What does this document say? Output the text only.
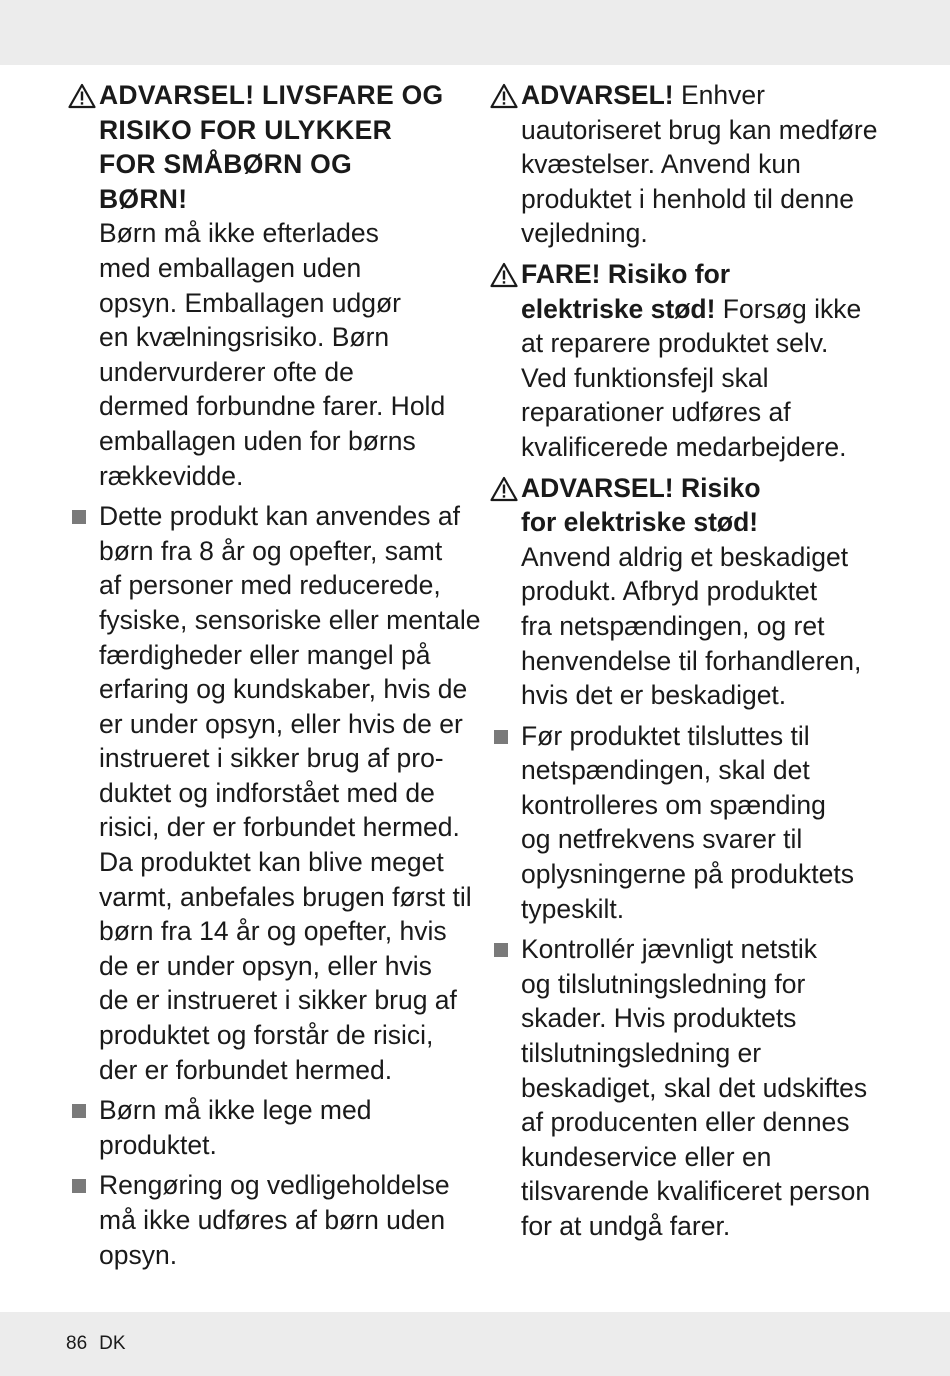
ADVARSEL! LIVSFARE OG
RISIKO FOR ULYKKER
FOR SMÅBØRN OG
BØRN!
Børn må ikke efterlades
med emballagen uden
opsyn. Emballagen udgør
en kvælningsrisiko. Børn
undervurderer ofte de
dermed forbundne farer. Hold
emballagen uden for børns
rækkevidde.
Dette produkt kan anvendes af
børn fra 8 år og opefter, samt
af personer med reducerede,
fysiske, sensoriske eller mentale
færdigheder eller mangel på
erfaring og kundskaber, hvis de
er under opsyn, eller hvis de er
instrueret i sikker brug af pro-
duktet og indforstået med de
risici, der er forbundet hermed.
Da produktet kan blive meget
varmt, anbefales brugen først til
børn fra 14 år og opefter, hvis
de er under opsyn, eller hvis
de er instrueret i sikker brug af
produktet og forstår de risici,
der er forbundet hermed.
Børn må ikke lege med
produktet.
Rengøring og vedligeholdelse
må ikke udføres af børn uden
opsyn.
ADVARSEL! Enhver
uautoriseret brug kan medføre
kvæstelser. Anvend kun
produktet i henhold til denne
vejledning.
FARE! Risiko for
elektriske stød! Forsøg ikke
at reparere produktet selv.
Ved funktionsfejl skal
reparationer udføres af
kvalificerede medarbejdere.
ADVARSEL! Risiko
for elektriske stød!
Anvend aldrig et beskadiget
produkt. Afbryd produktet
fra netspændingen, og ret
henvendelse til forhandleren,
hvis det er beskadiget.
Før produktet tilsluttes til
netspændingen, skal det
kontrolleres om spænding
og netfrekvens svarer til
oplysningerne på produktets
typeskilt.
Kontrollér jævnligt netstik
og tilslutningsledning for
skader. Hvis produktets
tilslutningsledning er
beskadiget, skal det udskiftes
af producenten eller dennes
kundeservice eller en
tilsvarende kvalificeret person
for at undgå farer.
86 DK
